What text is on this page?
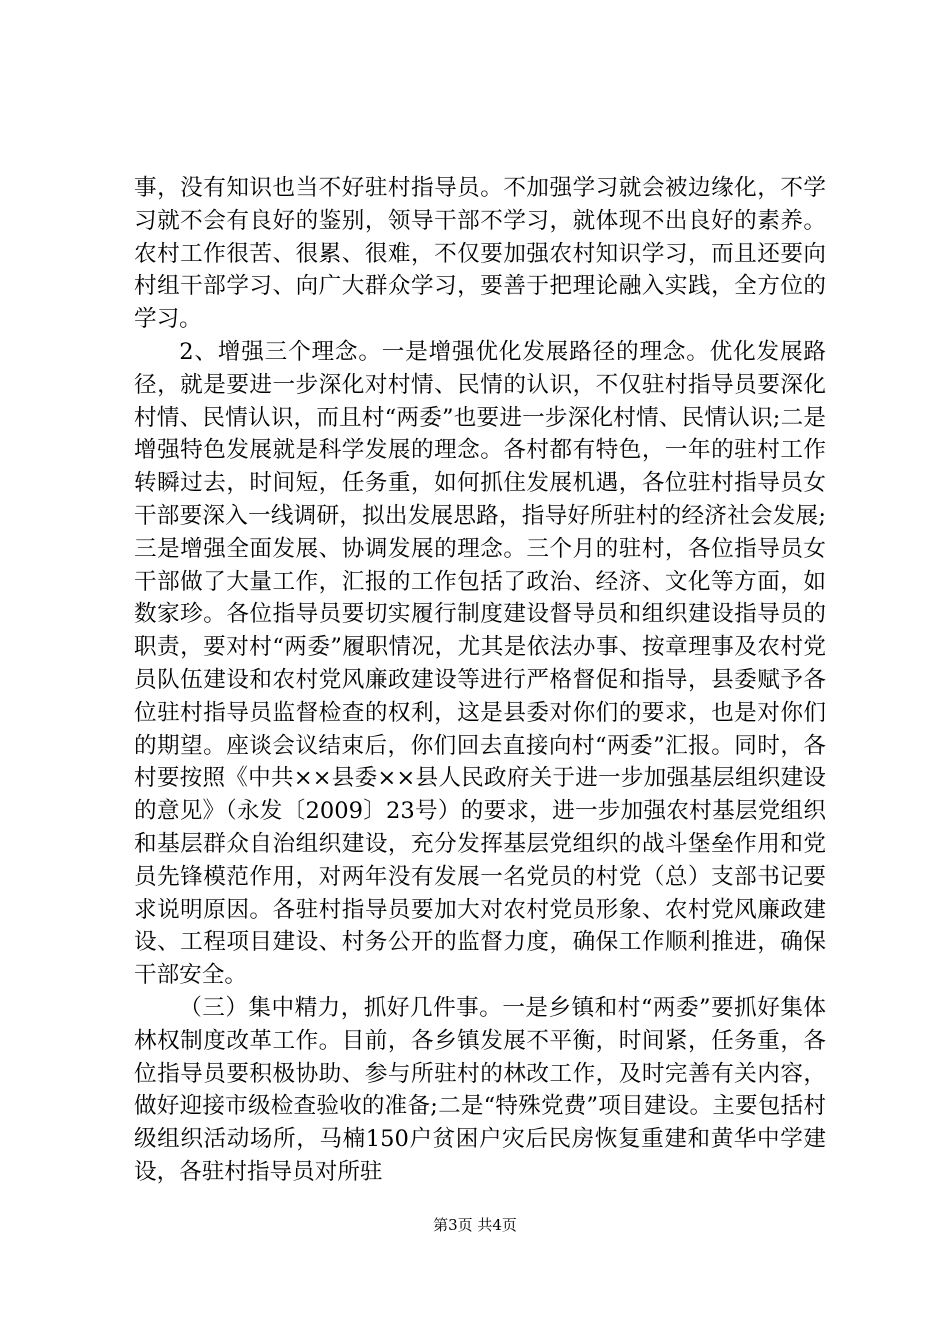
事，没有知识也当不好驻村指导员。不加强学习就会被边缘化，不学习就不会有良好的鉴别，领导干部不学习，就体现不出良好的素养。农村工作很苦、很累、很难，不仅要加强农村知识学习，而且还要向村组干部学习、向广大群众学习，要善于把理论融入实践，全方位的学习。

2、增强三个理念。一是增强优化发展路径的理念。优化发展路径，就是要进一步深化对村情、民情的认识，不仅驻村指导员要深化村情、民情认识，而且村“两委”也要进一步深化村情、民情认识;二是增强特色发展就是科学发展的理念。各村都有特色，一年的驻村工作转瞬过去，时间短，任务重，如何抓住发展机遇，各位驻村指导员女干部要深入一线调研，拟出发展思路，指导好所驻村的经济社会发展;三是增强全面发展、协调发展的理念。三个月的驻村，各位指导员女干部做了大量工作，汇报的工作包括了政治、经济、文化等方面，如数家珍。各位指导员要切实履行制度建设督导员和组织建设指导员的职责，要对村“两委”履职情况，尤其是依法办事、按章理事及农村党员队伍建设和农村党风廉政建设等进行严格督促和指导，县委赋予各位驻村指导员监督检查的权利，这是县委对你们的要求，也是对你们的期望。座谈会议结束后，你们回去直接向村“两委”汇报。同时，各村要按照《中共××县委××县人民政府关于进一步加强基层组织建设的意见》（永发〔2009〕23号）的要求，进一步加强农村基层党组织和基层群众自治组织建设，充分发挥基层党组织的战斗堡垒作用和党员先锋模范作用，对两年没有发展一名党员的村党（总）支部书记要求说明原因。各驻村指导员要加大对农村党员形象、农村党风廉政建设、工程项目建设、村务公开的监督力度，确保工作顺利推进，确保干部安全。

（三）集中精力，抓好几件事。一是乡镇和村“两委”要抓好集体林权制度改革工作。目前，各乡镇发展不平衡，时间紧，任务重，各位指导员要积极协助、参与所驻村的林改工作，及时完善有关内容，做好迎接市级检查验收的准备;二是“特殊党费”项目建设。主要包括村级组织活动场所，马楠150户贫困户灾后民房恢复重建和黄华中学建设，各驻村指导员对所驻

第3页 共4页
